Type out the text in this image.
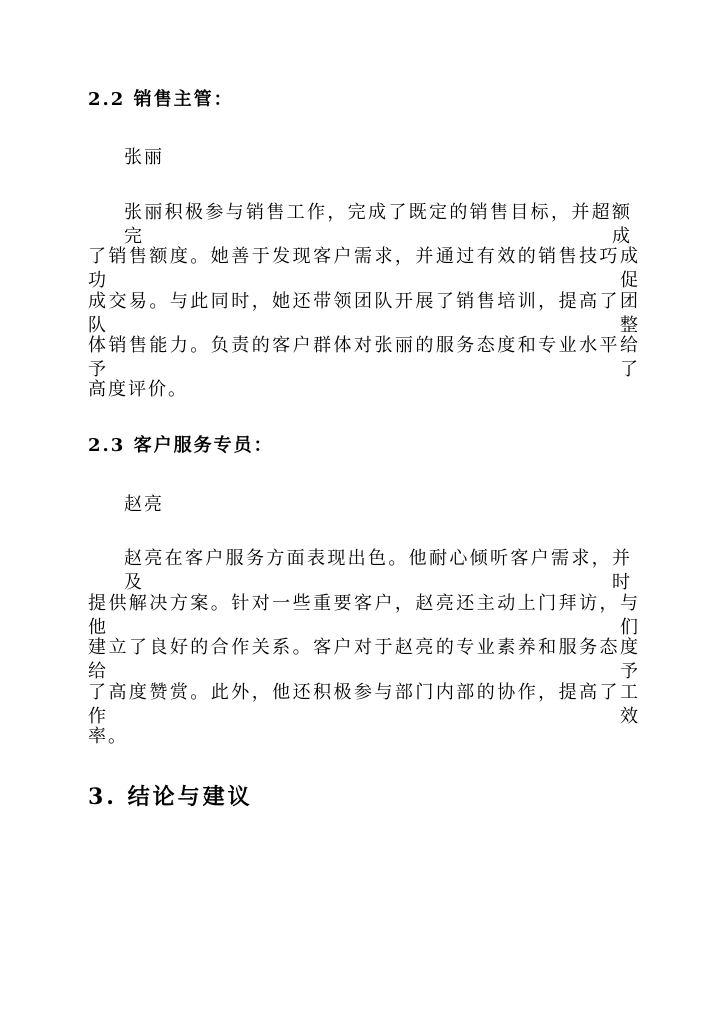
2.2 销售主管：
张丽
张丽积极参与销售工作，完成了既定的销售目标，并超额完成
了销售额度。她善于发现客户需求，并通过有效的销售技巧成功促
成交易。与此同时，她还带领团队开展了销售培训，提高了团队整
体销售能力。负责的客户群体对张丽的服务态度和专业水平给予了
高度评价。
2.3 客户服务专员：
赵亮
赵亮在客户服务方面表现出色。他耐心倾听客户需求，并及时
提供解决方案。针对一些重要客户，赵亮还主动上门拜访，与他们
建立了良好的合作关系。客户对于赵亮的专业素养和服务态度给予
了高度赞赏。此外，他还积极参与部门内部的协作，提高了工作效
率。
3. 结论与建议
